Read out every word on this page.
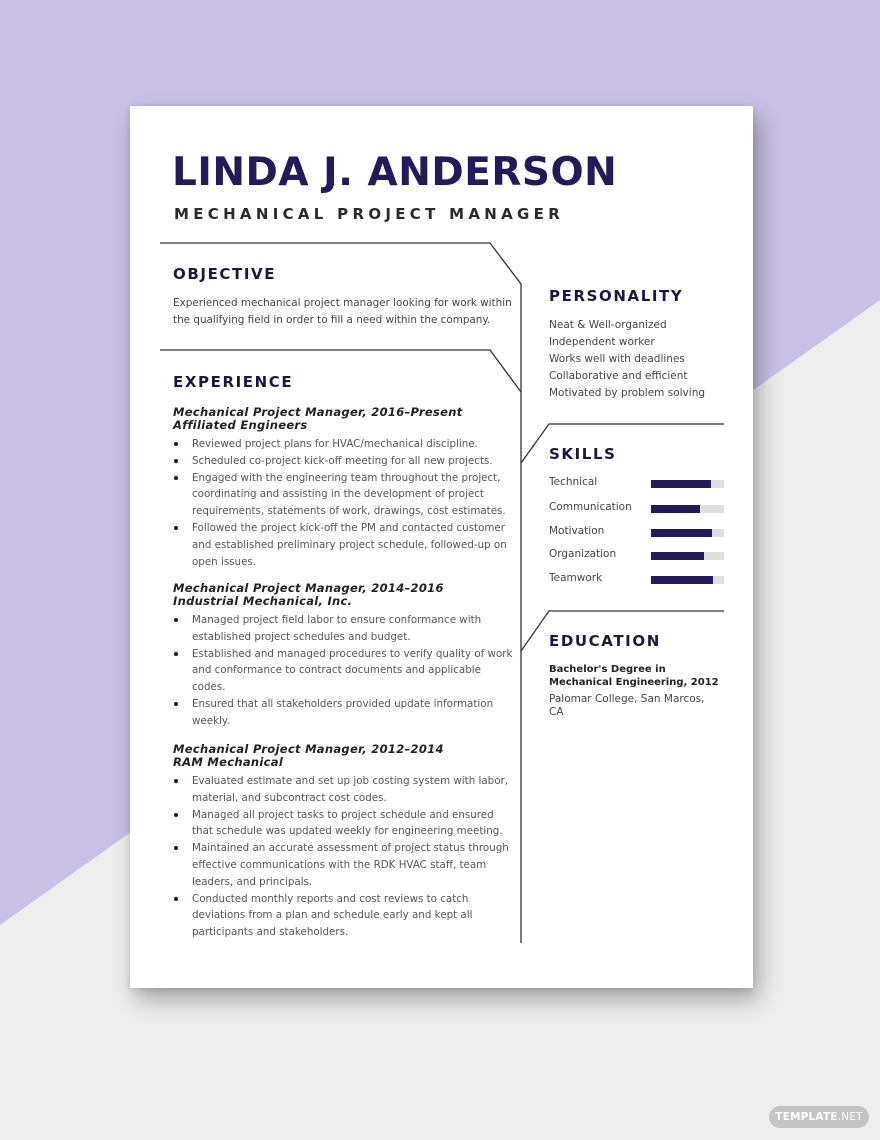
LINDA J. ANDERSON
MECHANICAL PROJECT MANAGER
OBJECTIVE
Experienced mechanical project manager looking for work within the qualifying field in order to fill a need within the company.
EXPERIENCE
Mechanical Project Manager, 2016–Present
Affiliated Engineers
Reviewed project plans for HVAC/mechanical discipline.
Scheduled co-project kick-off meeting for all new projects.
Engaged with the engineering team throughout the project, coordinating and assisting in the development of project requirements, statements of work, drawings, cost estimates.
Followed the project kick-off the PM and contacted customer and established preliminary project schedule, followed-up on open issues.
Mechanical Project Manager, 2014–2016
Industrial Mechanical, Inc.
Managed project field labor to ensure conformance with established project schedules and budget.
Established and managed procedures to verify quality of work and conformance to contract documents and applicable codes.
Ensured that all stakeholders provided update information weekly.
Mechanical Project Manager, 2012–2014
RAM Mechanical
Evaluated estimate and set up job costing system with labor, material, and subcontract cost codes.
Managed all project tasks to project schedule and ensured that schedule was updated weekly for engineering meeting.
Maintained an accurate assessment of project status through effective communications with the RDK HVAC staff, team leaders, and principals.
Conducted monthly reports and cost reviews to catch deviations from a plan and schedule early and kept all participants and stakeholders.
PERSONALITY
Neat & Well-organized
Independent worker
Works well with deadlines
Collaborative and efficient
Motivated by problem solving
SKILLS
Technical
Communication
Motivation
Organization
Teamwork
EDUCATION
Bachelor's Degree in Mechanical Engineering, 2012
Palomar College, San Marcos, CA
TEMPLATE.NET
